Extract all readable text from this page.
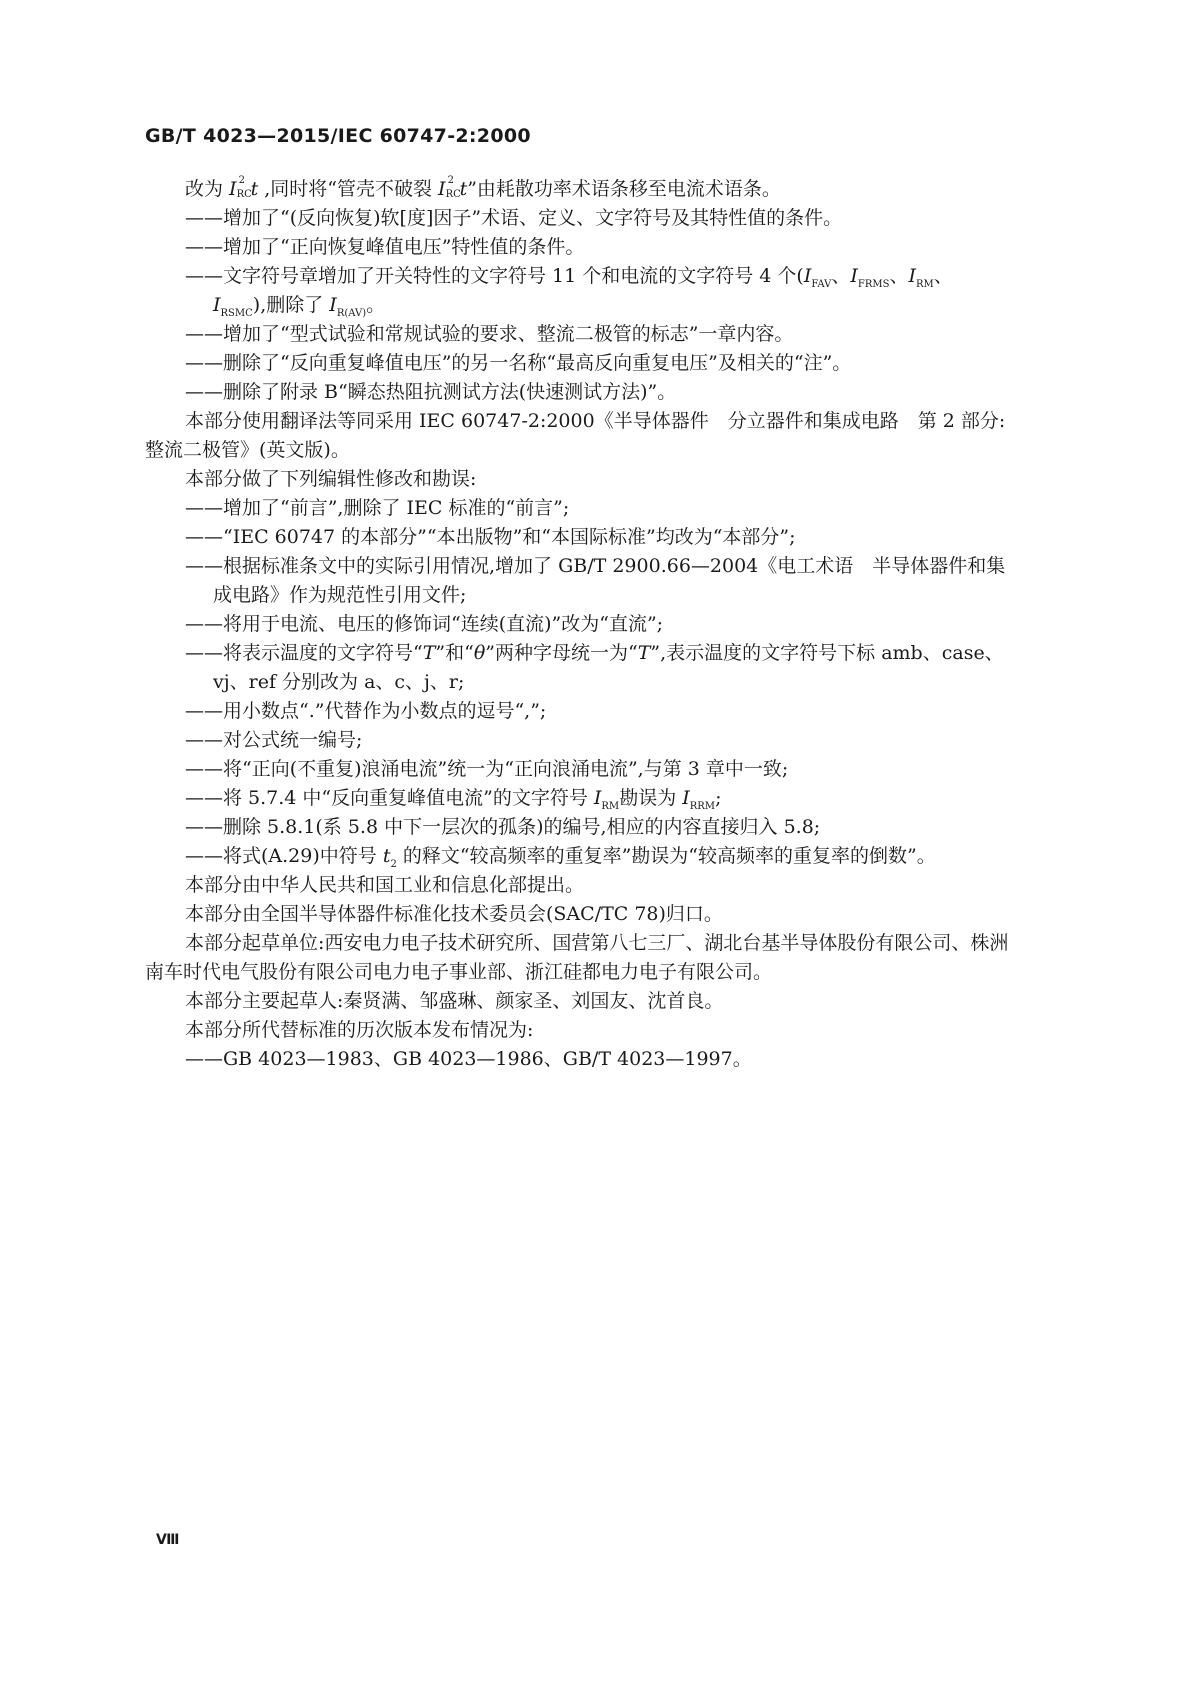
GB/T 4023—2015/IEC 60747-2:2000
改为 I 2
RC
t ,同时将“管壳不破裂 I 2
RC
t”由耗散功率术语条移至电流术语条。
——增加了“(反向恢复)软[度]因子”术语、定义、文字符号及其特性值的条件。
——增加了“正向恢复峰值电压”特性值的条件。
——文字符号章增加了开关特性的文字符号 11 个和电流的文字符号 4 个($I_{FAV}$、$I_{FRMS}$、$I_{RM}$、
$I_{RSMC}$),删除了 $I_{R(AV)}$。
——增加了“型式试验和常规试验的要求、整流二极管的标志”一章内容。
——删除了“反向重复峰值电压”的另一名称“最高反向重复电压”及相关的“注”。
——删除了附录 B“瞬态热阻抗测试方法(快速测试方法)”。
本部分使用翻译法等同采用 IEC 60747-2:2000《半导体器件　分立器件和集成电路　第 2 部分:
整流二极管》(英文版)。
本部分做了下列编辑性修改和勘误:
——增加了“前言”,删除了 IEC 标准的“前言”;
——“IEC 60747 的本部分”“本出版物”和“本国际标准”均改为“本部分”;
——根据标准条文中的实际引用情况,增加了 GB/T 2900.66—2004《电工术语　半导体器件和集
成电路》作为规范性引用文件;
——将用于电流、电压的修饰词“连续(直流)”改为“直流”;
——将表示温度的文字符号“T”和“θ”两种字母统一为“T”,表示温度的文字符号下标 amb、case、
vj、ref 分别改为 a、c、j、r;
——用小数点“.”代替作为小数点的逗号“,”;
——对公式统一编号;
——将“正向(不重复)浪涌电流”统一为“正向浪涌电流”,与第 3 章中一致;
——将 5.7.4 中“反向重复峰值电流”的文字符号 $I_{RM}$勘误为 $I_{RRM}$;
——删除 5.8.1(系 5.8 中下一层次的孤条)的编号,相应的内容直接归入 5.8;
——将式(A.29)中符号 $t_2$ 的释文“较高频率的重复率”勘误为“较高频率的重复率的倒数”。
本部分由中华人民共和国工业和信息化部提出。
本部分由全国半导体器件标准化技术委员会(SAC/TC 78)归口。
本部分起草单位:西安电力电子技术研究所、国营第八七三厂、湖北台基半导体股份有限公司、株洲
南车时代电气股份有限公司电力电子事业部、浙江硅都电力电子有限公司。
本部分主要起草人:秦贤满、邹盛琳、颜家圣、刘国友、沈首良。
本部分所代替标准的历次版本发布情况为:
——GB 4023—1983、GB 4023—1986、GB/T 4023—1997。
Ⅷ
